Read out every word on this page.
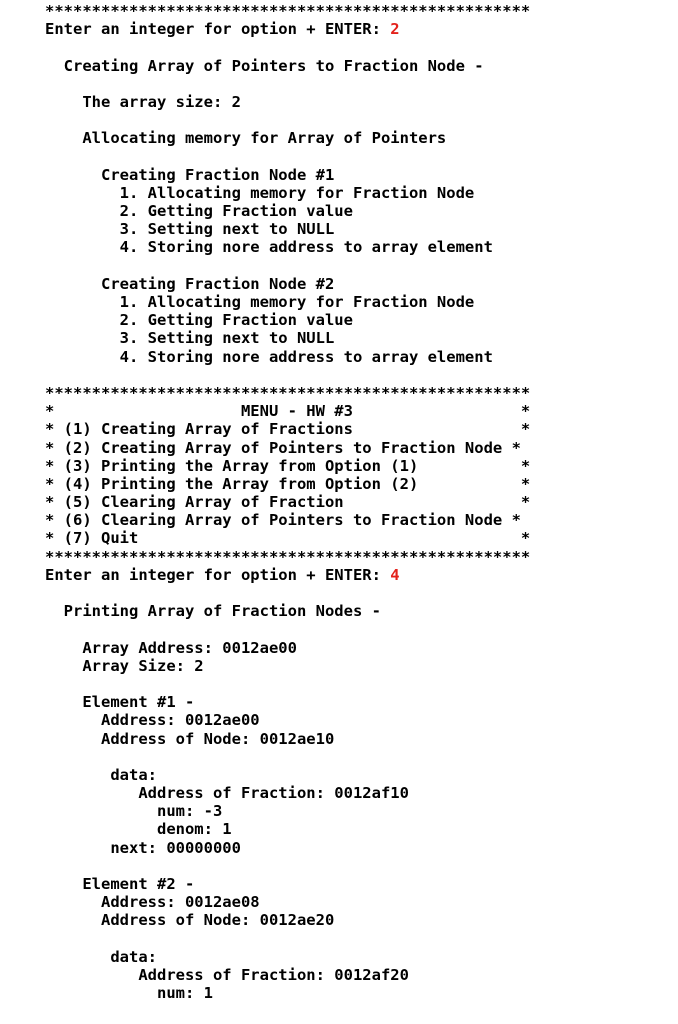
****************************************************
Enter an integer for option + ENTER: 2
Creating Array of Pointers to Fraction Node -
The array size: 2
Allocating memory for Array of Pointers
Creating Fraction Node #1
1. Allocating memory for Fraction Node
2. Getting Fraction value
3. Setting next to NULL
4. Storing nore address to array element
Creating Fraction Node #2
1. Allocating memory for Fraction Node
2. Getting Fraction value
3. Setting next to NULL
4. Storing nore address to array element
****************************************************
*                    MENU - HW #3                  *
* (1) Creating Array of Fractions                  *
* (2) Creating Array of Pointers to Fraction Node *
* (3) Printing the Array from Option (1)           *
* (4) Printing the Array from Option (2)           *
* (5) Clearing Array of Fraction                   *
* (6) Clearing Array of Pointers to Fraction Node *
* (7) Quit                                         *
****************************************************
Enter an integer for option + ENTER: 4
Printing Array of Fraction Nodes -
Array Address: 0012ae00
Array Size: 2
Element #1 -
Address: 0012ae00
Address of Node: 0012ae10
data:
Address of Fraction: 0012af10
num: -3
denom: 1
next: 00000000
Element #2 -
Address: 0012ae08
Address of Node: 0012ae20
data:
Address of Fraction: 0012af20
num: 1
